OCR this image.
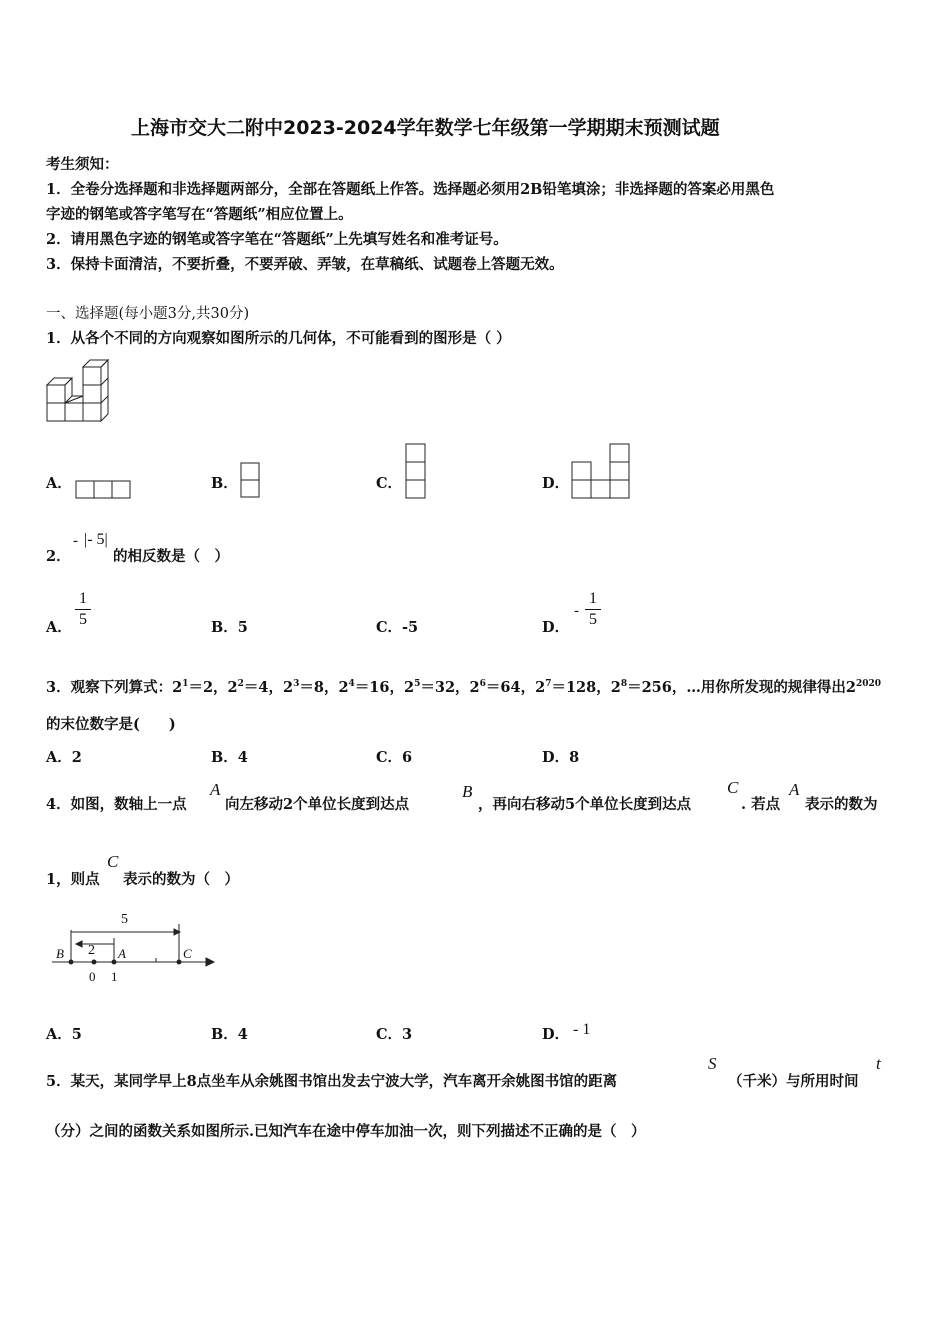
上海市交大二附中2023-2024学年数学七年级第一学期期末预测试题
考生须知：
1．全卷分选择题和非选择题两部分，全部在答题纸上作答。选择题必须用2B铅笔填涂；非选择题的答案必用黑色
字迹的钢笔或答字笔写在“答题纸”相应位置上。
2．请用黑色字迹的钢笔或答字笔在“答题纸”上先填写姓名和准考证号。
3．保持卡面清洁，不要折叠，不要弄破、弄皱，在草稿纸、试题卷上答题无效。
一、选择题(每小题3分,共30分)
1．从各个不同的方向观察如图所示的几何体，不可能看到的图形是（ ）
A．	B．	C．	D．
2．
- |- 5|
的相反数是（　）
A．
1
5	B．5	C．-5	D．
-
1
5
3．观察下列算式：$2^1=2$，$2^2=4$，$2^3=8$，$2^4=16$，$2^5=32$，$2^6=64$，$2^7=128$，$2^8=256$，…用你所发现的规律得出$2^{2020}$
的末位数字是(　　)
A．2	B．4	C．6	D．8
4．如图，数轴上一点
A
向左移动2个单位长度到达点
B
，再向右移动5个单位长度到达点
C
. 若点
A
表示的数为
1，则点
C
表示的数为（　）
5
2
B	A	C
0 1
A．5	B．4	C．3	D． - 1
5．某天，某同学早上8点坐车从余姚图书馆出发去宁波大学，汽车离开余姚图书馆的距离
S
（千米）与所用时间
t
（分）之间的函数关系如图所示.已知汽车在途中停车加油一次，则下列描述不正确的是（　）
